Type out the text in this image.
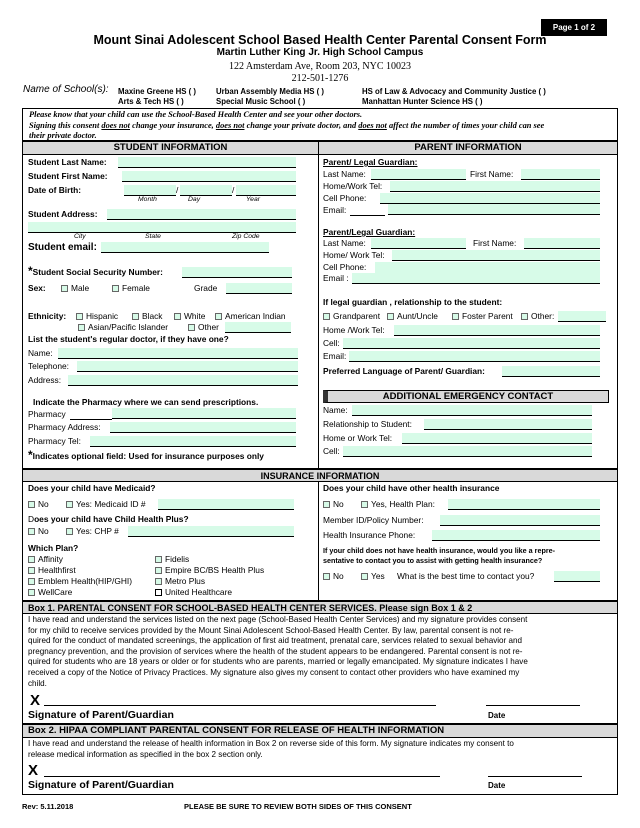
Page 1 of 2
Mount Sinai Adolescent School Based Health Center Parental Consent Form
Martin Luther King Jr. High School Campus
122 Amsterdam Ave, Room 203, NYC 10023
212-501-1276
Name of School(s): Maxine Greene HS ( )
Arts & Tech HS ( )
Urban Assembly Media HS ( )
Special Music School ( )
HS of Law & Advocacy and Community Justice ( )
Manhattan Hunter Science HS ( )
Please know that your child can use the School-Based Health Center and see your other doctors.
Signing this consent does not change your insurance, does not change your private doctor, and does not affect the number of times your child can see
their private doctor.
STUDENT INFORMATION	PARENT INFORMATION
Student Last Name:
Student First Name:
Date of Birth:	/	/
Month	Day	Year
Student Address:
City	State	Zip Code
Student email:
*Student Social Security Number:
Sex:	Male	Female	Grade
Ethnicity:	Hispanic	Black	White	American Indian
Asian/Pacific Islander	Other
List the student's regular doctor, if they have one?
Name:
Telephone:
Address:
Indicate the Pharmacy where we can send prescriptions.
Pharmacy
Pharmacy Address:
Pharmacy Tel:
*Indicates optional field: Used for insurance purposes only
Parent/ Legal Guardian:
Last Name:	First Name:
Home/Work Tel:
Cell Phone:
Email:
Parent/Legal Guardian:
Last Name:	First Name:
Home/ Work Tel:
Cell Phone:
Email :
If legal guardian , relationship to the student:
Grandparent	Aunt/Uncle	Foster Parent	Other:
Home /Work Tel:
Cell:
Email:
Preferred Language of Parent/ Guardian:
ADDITIONAL EMERGENCY CONTACT
Name:
Relationship to Student:
Home or Work Tel:
Cell:
INSURANCE INFORMATION
Does your child have Medicaid?
No	Yes: Medicaid ID #
Does your child have Child Health Plus?
No	Yes: CHP #
Which Plan?
Affinity
Healthfirst
Emblem Health(HIP/GHI)
WellCare
Fidelis
Empire BC/BS Health Plus
Metro Plus
United Healthcare
Does your child have other health insurance
No	Yes, Health Plan:
Member ID/Policy Number:
Health Insurance Phone:
If your child does not have health insurance, would you like a repre-
sentative to contact you to assist with getting health insurance?
No	Yes What is the best time to contact you?
Box 1. PARENTAL CONSENT FOR SCHOOL-BASED HEALTH CENTER SERVICES. Please sign Box 1 & 2
I have read and understand the services listed on the next page (School-Based Health Center Services) and my signature provides consent
for my child to receive services provided by the Mount Sinai Adolescent School-Based Health Center. By law, parental consent is not re-
quired for the conduct of mandated screenings, the application of first aid treatment, prenatal care, services related to sexual behavior and
pregnancy prevention, and the provision of services where the health of the student appears to be endangered. Parental consent is not re-
quired for students who are 18 years or older or for students who are parents, married or legally emancipated. My signature indicates I have
received a copy of the Notice of Privacy Practices. My signature also gives my consent to contact other providers who have examined my
child.
X
Signature of Parent/Guardian	Date
Box 2. HIPAA COMPLIANT PARENTAL CONSENT FOR RELEASE OF HEALTH INFORMATION
I have read and understand the release of health information in Box 2 on reverse side of this form. My signature indicates my consent to
release medical information as specified in the box 2 section only.
X
Signature of Parent/Guardian	Date
Rev: 5.11.2018	PLEASE BE SURE TO REVIEW BOTH SIDES OF THIS CONSENT
